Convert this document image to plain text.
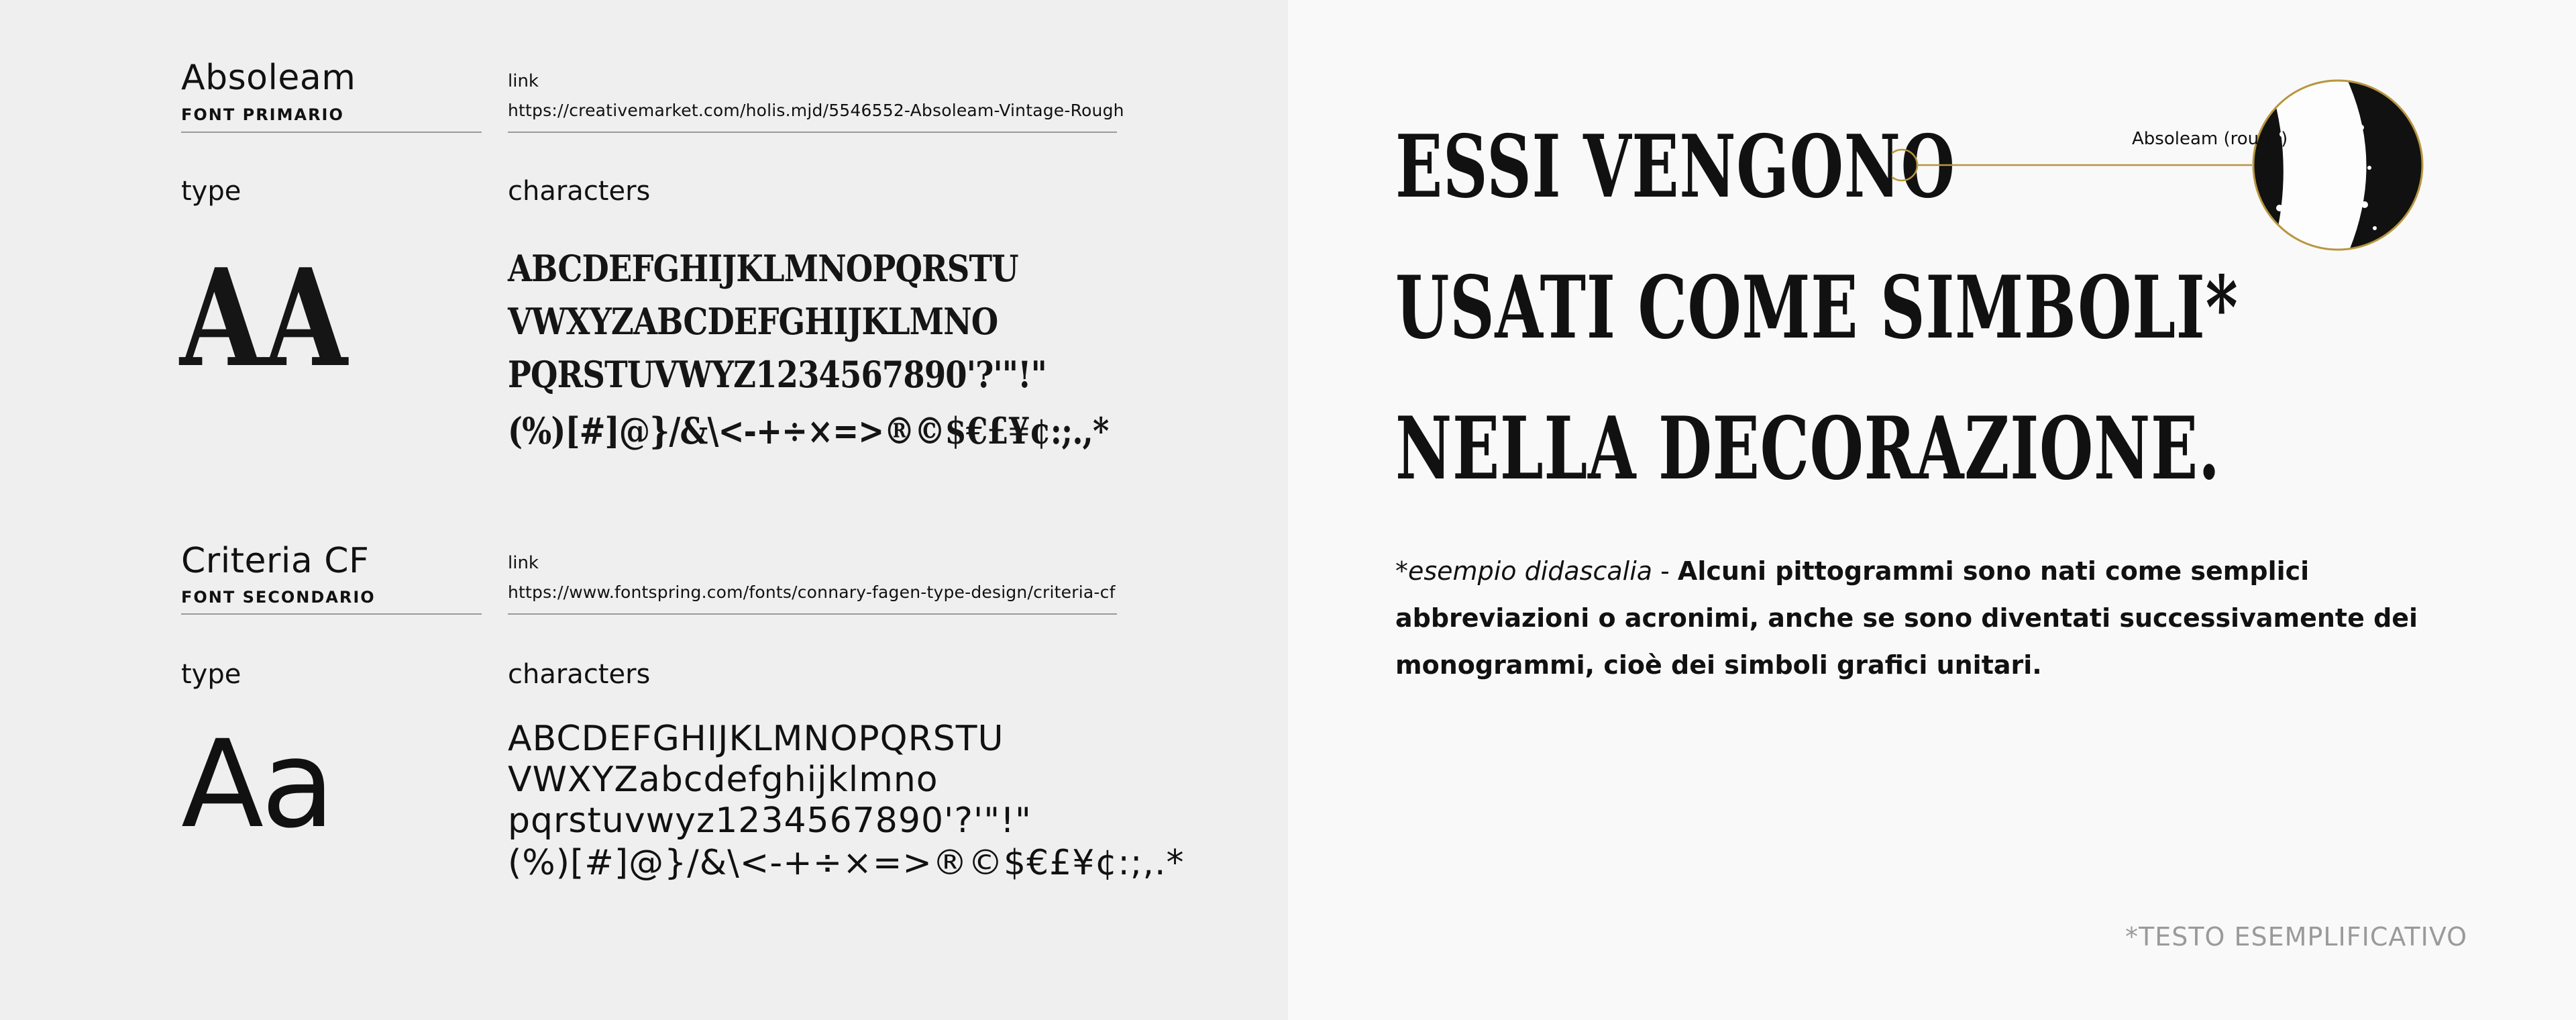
Absoleam
FONT PRIMARIO
link
https://creativemarket.com/holis.mjd/5546552-Absoleam-Vintage-Rough
type
AA
characters
ABCDEFGHIJKLMNOPQRSTU
VWXYZABCDEFGHIJKLMNO
PQRSTUVWYZ1234567890'?'"!"
(%)[#]@}/&\<-+÷×=>®©$€£¥¢:;.,*
Criteria CF
FONT SECONDARIO
link
https://www.fontspring.com/fonts/connary-fagen-type-design/criteria-cf
type
Aa
characters
ABCDEFGHIJKLMNOPQRSTU
VWXYZabcdefghijklmno
pqrstuvwyz1234567890'?'"!"
(%)[#]@}/&\<-+÷×=>®©$€£¥¢:;,.*
ESSI VENGONO
USATI COME SIMBOLI*
NELLA DECORAZIONE.
Absoleam (rough)
*esempio didascalia - Alcuni pittogrammi sono nati come semplici abbreviazioni o acronimi, anche se sono diventati successivamente dei monogrammi, cioè dei simboli grafici unitari.
*TESTO ESEMPLIFICATIVO
